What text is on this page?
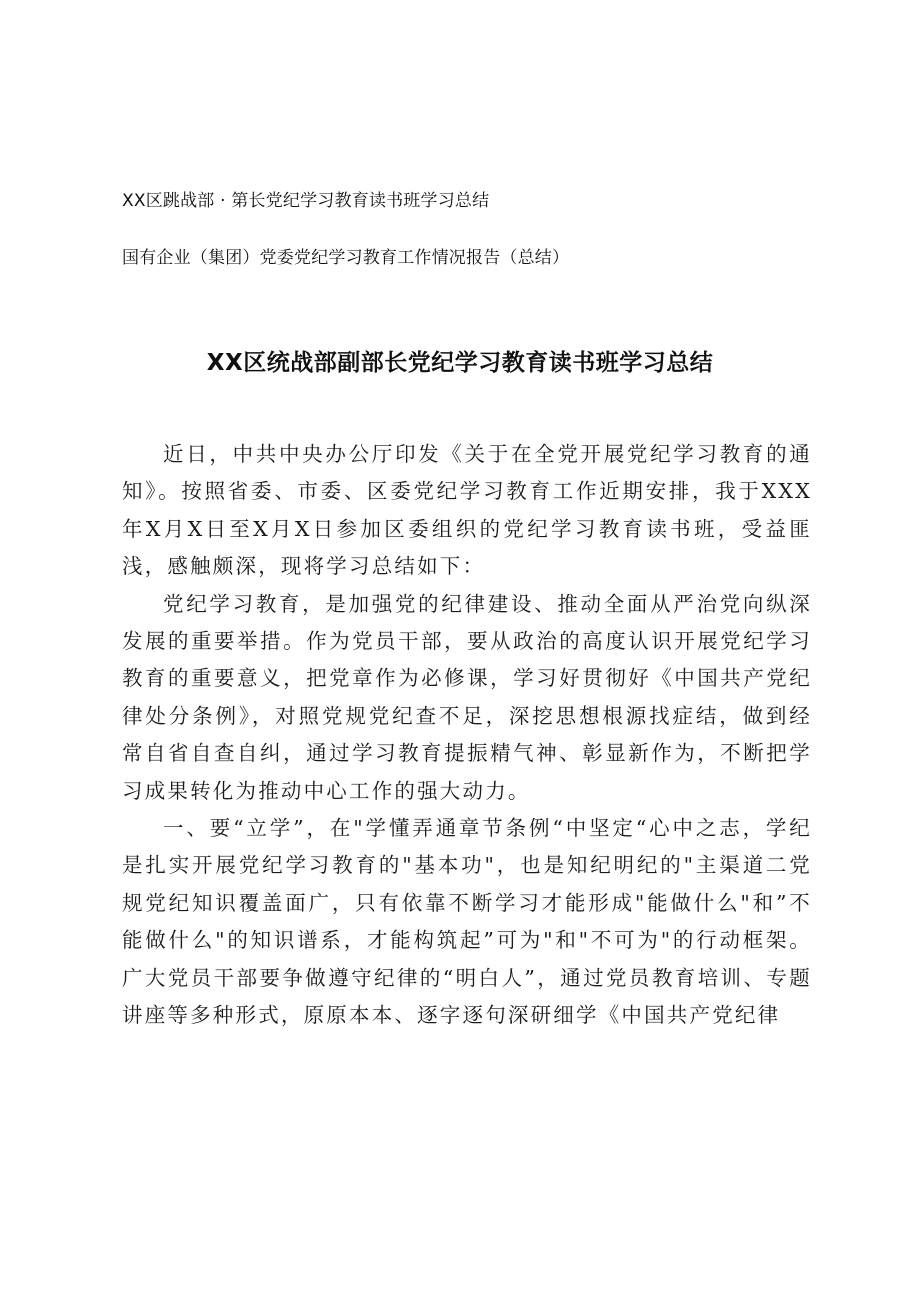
XX区跳战部 · 第长党纪学习教育读书班学习总结
国有企业（集团）党委党纪学习教育工作情况报告（总结）
XX区统战部副部长党纪学习教育读书班学习总结

近日，中共中央办公厅印发《关于在全党开展党纪学习教育的通知》。按照省委、市委、区委党纪学习教育工作近期安排，我于XXX年X月X日至X月X日参加区委组织的党纪学习教育读书班，受益匪浅，感触颇深，现将学习总结如下：

党纪学习教育，是加强党的纪律建设、推动全面从严治党向纵深发展的重要举措。作为党员干部，要从政治的高度认识开展党纪学习教育的重要意义，把党章作为必修课，学习好贯彻好《中国共产党纪律处分条例》，对照党规党纪查不足，深挖思想根源找症结，做到经常自省自查自纠，通过学习教育提振精气神、彰显新作为，不断把学习成果转化为推动中心工作的强大动力。

一、要“立学”，在"学懂弄通章节条例“中坚定“心中之志，学纪是扎实开展党纪学习教育的"基本功"，也是知纪明纪的"主渠道二党规党纪知识覆盖面广，只有依靠不断学习才能形成"能做什么"和”不能做什么"的知识谱系，才能构筑起”可为"和"不可为"的行动框架。广大党员干部要争做遵守纪律的“明白人”，通过党员教育培训、专题讲座等多种形式，原原本本、逐字逐句深研细学《中国共产党纪律
